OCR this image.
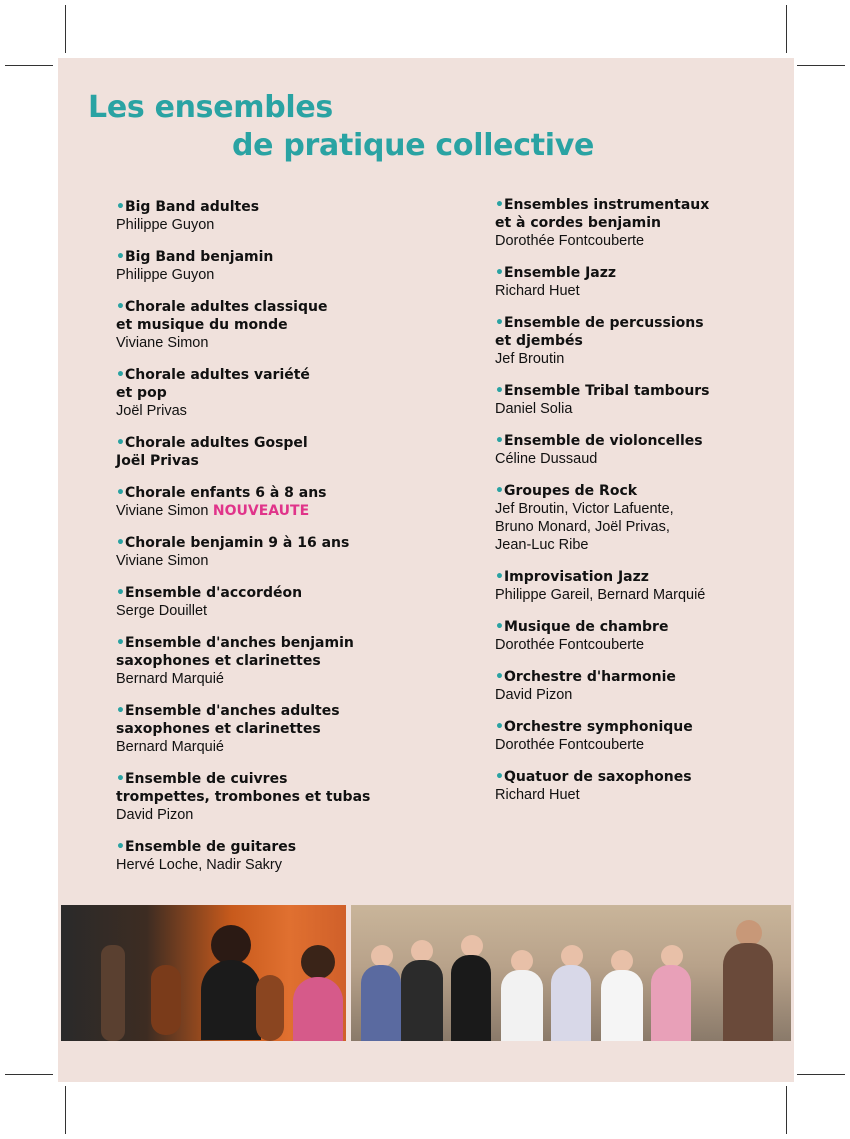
Les ensembles
de pratique collective
•Big Band adultes
Philippe Guyon
•Big Band benjamin
Philippe Guyon
•Chorale adultes classique
et musique du monde
Viviane Simon
•Chorale adultes variété
et pop
Joël Privas
•Chorale adultes Gospel
Joël Privas
•Chorale enfants 6 à 8 ans
Viviane Simon NOUVEAUTE
•Chorale benjamin 9 à 16 ans
Viviane Simon
•Ensemble d'accordéon
Serge Douillet
•Ensemble d'anches benjamin
saxophones et clarinettes
Bernard Marquié
•Ensemble d'anches adultes
saxophones et clarinettes
Bernard Marquié
•Ensemble de cuivres
trompettes, trombones et tubas
David Pizon
•Ensemble de guitares
Hervé Loche, Nadir Sakry
•Ensembles instrumentaux
et à cordes benjamin
Dorothée Fontcouberte
•Ensemble Jazz
Richard Huet
•Ensemble de percussions
et djembés
Jef Broutin
•Ensemble Tribal tambours
Daniel Solia
•Ensemble de violoncelles
Céline Dussaud
•Groupes de Rock
Jef Broutin, Victor Lafuente,
Bruno Monard, Joël Privas,
Jean-Luc Ribe
•Improvisation Jazz
Philippe Gareil, Bernard Marquié
•Musique de chambre
Dorothée Fontcouberte
•Orchestre d'harmonie
David Pizon
•Orchestre symphonique
Dorothée Fontcouberte
•Quatuor de saxophones
Richard Huet
